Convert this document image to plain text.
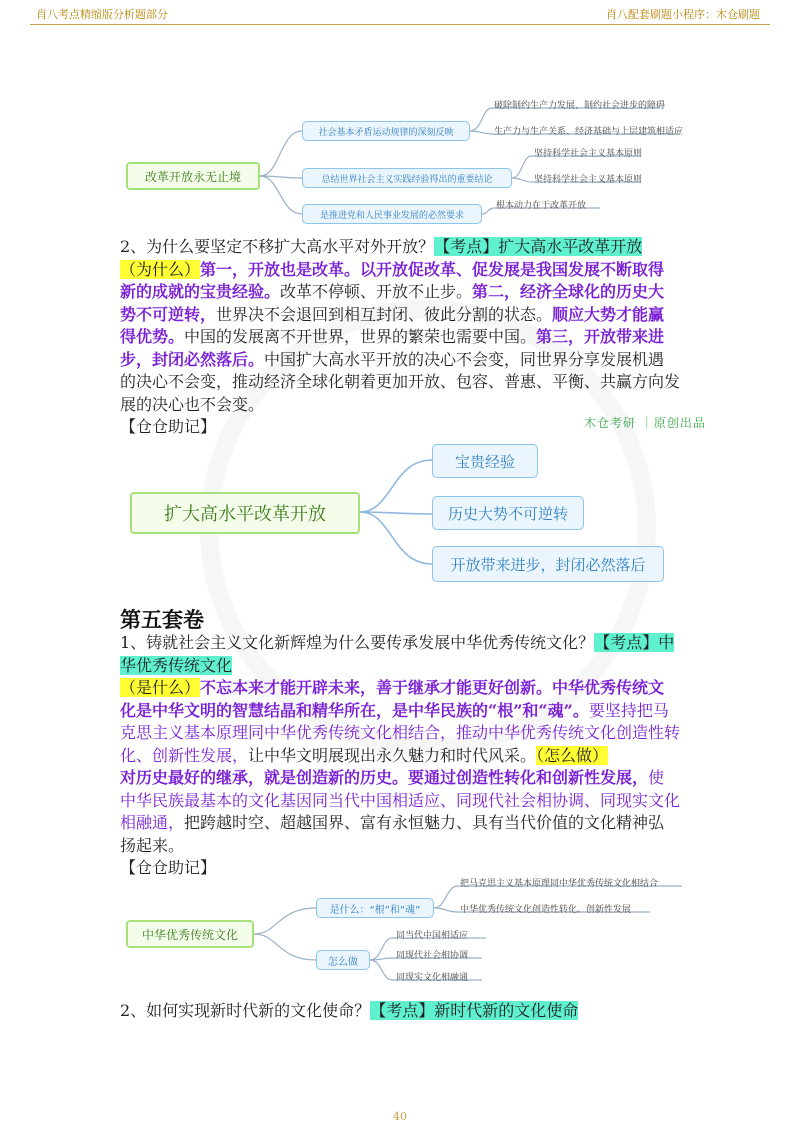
肖八考点精缩版分析题部分	肖八配套刷题小程序：木仓刷题
改革开放永无止境
社会基本矛盾运动规律的深刻反映
总结世界社会主义实践经验得出的重要结论
是推进党和人民事业发展的必然要求
破除制约生产力发展、制约社会进步的障碍
生产力与生产关系、经济基础与上层建筑相适应
坚持科学社会主义基本原则
坚持科学社会主义基本原则
根本动力在于改革开放
2、为什么要坚定不移扩大高水平对外开放？【考点】扩大高水平改革开放
（为什么）第一，开放也是改革。以开放促改革、促发展是我国发展不断取得新的成就的宝贵经验。改革不停顿、开放不止步。第二，经济全球化的历史大势不可逆转，世界决不会退回到相互封闭、彼此分割的状态。顺应大势才能赢得优势。中国的发展离不开世界，世界的繁荣也需要中国。第三，开放带来进步，封闭必然落后。中国扩大高水平开放的决心不会变，同世界分享发展机遇的决心不会变，推动经济全球化朝着更加开放、包容、普惠、平衡、共赢方向发展的决心也不会变。
【仓仓助记】	木仓考研 ｜原创出品
扩大高水平改革开放
宝贵经验
历史大势不可逆转
开放带来进步，封闭必然落后
第五套卷
1、铸就社会主义文化新辉煌为什么要传承发展中华优秀传统文化？【考点】中华优秀传统文化
（是什么）不忘本来才能开辟未来，善于继承才能更好创新。中华优秀传统文化是中华文明的智慧结晶和精华所在，是中华民族的“根”和“魂”。要坚持把马克思主义基本原理同中华优秀传统文化相结合，推动中华优秀传统文化创造性转化、创新性发展，让中华文明展现出永久魅力和时代风采。（怎么做）
对历史最好的继承，就是创造新的历史。要通过创造性转化和创新性发展，使中华民族最基本的文化基因同当代中国相适应、同现代社会相协调、同现实文化相融通，把跨越时空、超越国界、富有永恒魅力、具有当代价值的文化精神弘扬起来。
【仓仓助记】
中华优秀传统文化
是什么：“根”和“魂”
怎么做
把马克思主义基本原理同中华优秀传统文化相结合
中华优秀传统文化创造性转化、创新性发展
同当代中国相适应
同现代社会相协调
同现实文化相融通
2、如何实现新时代新的文化使命？【考点】新时代新的文化使命
40
